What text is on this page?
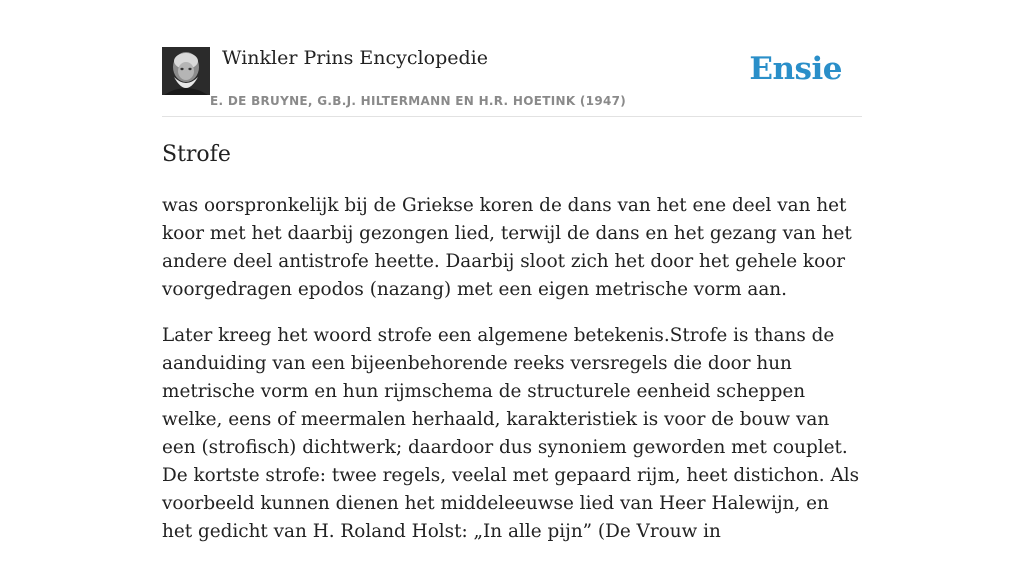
Winkler Prins Encyclopedie
E. DE BRUYNE, G.B.J. HILTERMANN EN H.R. HOETINK (1947)
Ensie
Strofe

was oorspronkelijk bij de Griekse koren de dans van het ene deel van het koor met het daarbij gezongen lied, terwijl de dans en het gezang van het andere deel antistrofe heette. Daarbij sloot zich het door het gehele koor voorgedragen epodos (nazang) met een eigen metrische vorm aan.

Later kreeg het woord strofe een algemene betekenis.Strofe is thans de aanduiding van een bijeenbehorende reeks versregels die door hun metrische vorm en hun rijmschema de structurele eenheid scheppen welke, eens of meermalen herhaald, karakteristiek is voor de bouw van een (strofisch) dichtwerk; daardoor dus synoniem geworden met couplet. De kortste strofe: twee regels, veelal met gepaard rijm, heet distichon. Als voorbeeld kunnen dienen het middeleeuwse lied van Heer Halewijn, en het gedicht van H. Roland Holst: „In alle pijn” (De Vrouw in
